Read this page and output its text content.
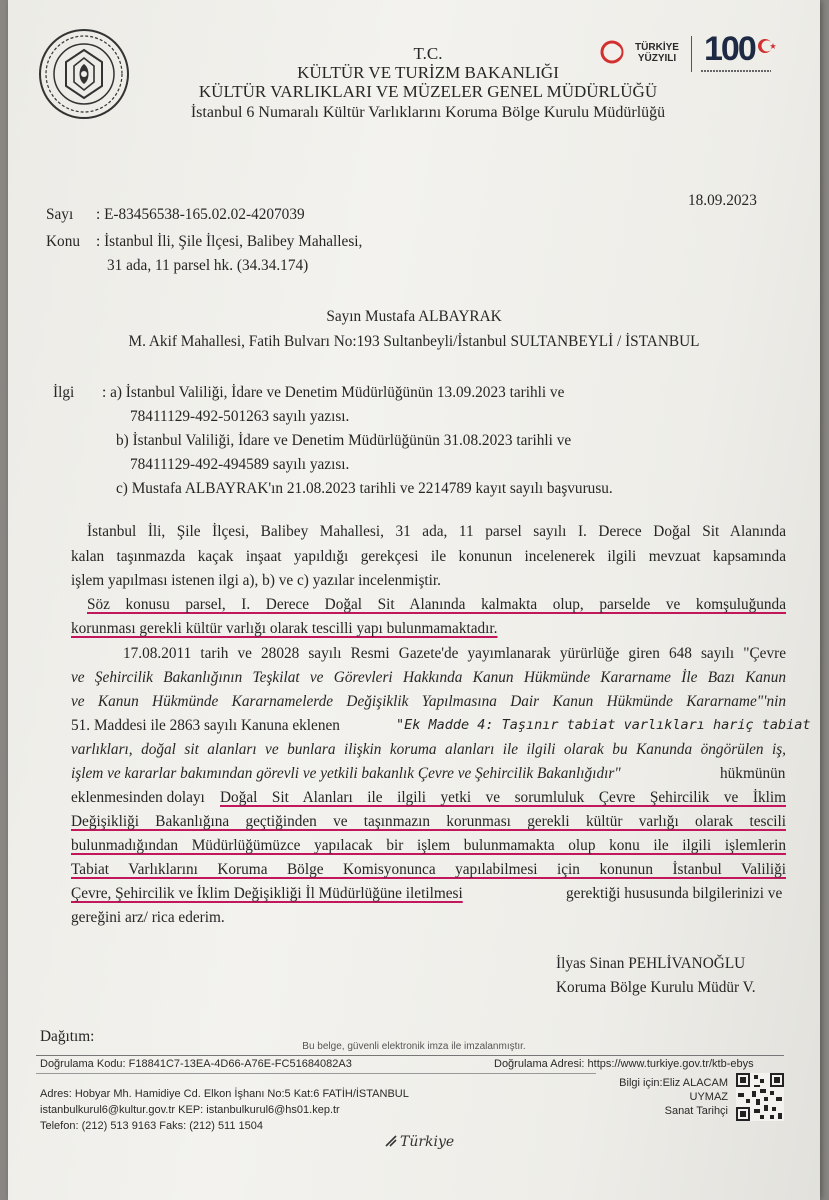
T.C.
KÜLTÜR VE TURİZM BAKANLIĞI
KÜLTÜR VARLIKLARI VE MÜZELER GENEL MÜDÜRLÜĞÜ
İstanbul 6 Numaralı Kültür Varlıklarını Koruma Bölge Kurulu Müdürlüğü
TÜRKİYE YÜZYILI 100
18.09.2023
Sayı : E-83456538-165.02.02-4207039
Konu : İstanbul İli, Şile İlçesi, Balibey Mahallesi,
31 ada, 11 parsel hk. (34.34.174)
Sayın Mustafa ALBAYRAK
M. Akif Mahallesi, Fatih Bulvarı No:193 Sultanbeyli/İstanbul SULTANBEYLİ / İSTANBUL
İlgi : a) İstanbul Valiliği, İdare ve Denetim Müdürlüğünün 13.09.2023 tarihli ve
78411129-492-501263 sayılı yazısı.
b) İstanbul Valiliği, İdare ve Denetim Müdürlüğünün 31.08.2023 tarihli ve
78411129-492-494589 sayılı yazısı.
c) Mustafa ALBAYRAK'ın 21.08.2023 tarihli ve 2214789 kayıt sayılı başvurusu.
İstanbul İli, Şile İlçesi, Balibey Mahallesi, 31 ada, 11 parsel sayılı I. Derece Doğal Sit Alanında
kalan taşınmazda kaçak inşaat yapıldığı gerekçesi ile konunun incelenerek ilgili mevzuat kapsamında
işlem yapılması istenen ilgi a), b) ve c) yazılar incelenmiştir.
Söz konusu parsel, I. Derece Doğal Sit Alanında kalmakta olup, parselde ve komşuluğunda
korunması gerekli kültür varlığı olarak tescilli yapı bulunmamaktadır.
17.08.2011 tarih ve 28028 sayılı Resmi Gazete'de yayımlanarak yürürlüğe giren 648 sayılı "Çevre
ve Şehircilik Bakanlığının Teşkilat ve Görevleri Hakkında Kanun Hükmünde Kararname İle Bazı Kanun
ve Kanun Hükmünde Kararnamelerde Değişiklik Yapılmasına Dair Kanun Hükmünde Kararname"'nin
51. Maddesi ile 2863 sayılı Kanuna eklenen	"Ek Madde 4: Taşınır tabiat varlıkları hariç tabiat
varlıkları, doğal sit alanları ve bunlara ilişkin koruma alanları ile ilgili olarak bu Kanunda öngörülen iş,
işlem ve kararlar bakımından görevli ve yetkili bakanlık Çevre ve Şehircilik Bakanlığıdır"	hükmünün
eklenmesinden dolayı Doğal Sit Alanları ile ilgili yetki ve sorumluluk Çevre Şehircilik ve İklim
Değişikliği Bakanlığına geçtiğinden ve taşınmazın korunması gerekli kültür varlığı olarak tescili
bulunmadığından Müdürlüğümüzce yapılacak bir işlem bulunmamakta olup konu ile ilgili işlemlerin
Tabiat Varlıklarını Koruma Bölge Komisyonunca yapılabilmesi için konunun İstanbul Valiliği
Çevre, Şehircilik ve İklim Değişikliği İl Müdürlüğüne iletilmesi	gerektiği hususunda bilgilerinizi ve
gereğini arz/ rica ederim.
İlyas Sinan PEHLİVANOĞLU
Koruma Bölge Kurulu Müdür V.
Dağıtım:
Bu belge, güvenli elektronik imza ile imzalanmıştır.
Doğrulama Kodu: F18841C7-13EA-4D66-A76E-FC51684082A3	Doğrulama Adresi: https://www.turkiye.gov.tr/ktb-ebys
Adres: Hobyar Mh. Hamidiye Cd. Elkon İşhanı No:5 Kat:6 FATİH/İSTANBUL
istanbulkurul6@kultur.gov.tr KEP: istanbulkurul6@hs01.kep.tr
Telefon: (212) 513 9163 Faks: (212) 511 1504
Bilgi için:Eliz ALACAM
UYMAZ
Sanat Tarihçi
Türkiye
